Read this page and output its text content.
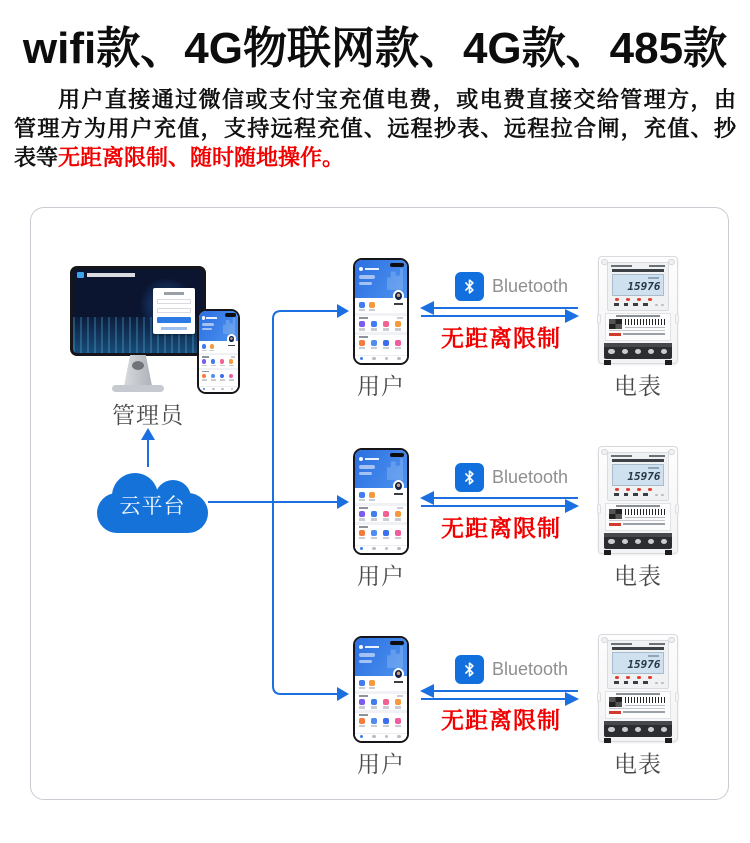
wifi款、4G物联网款、4G款、485款
用户直接通过微信或支付宝充值电费，或电费直接交给管理方，由
管理方为用户充值，支持远程充值、远程抄表、远程拉合闸，充值、抄
表等无距离限制、随时随地操作。
管理员
云平台
用户
Bluetooth
无距离限制
15976
电表
用户
Bluetooth
无距离限制
15976
电表
用户
Bluetooth
无距离限制
15976
电表
